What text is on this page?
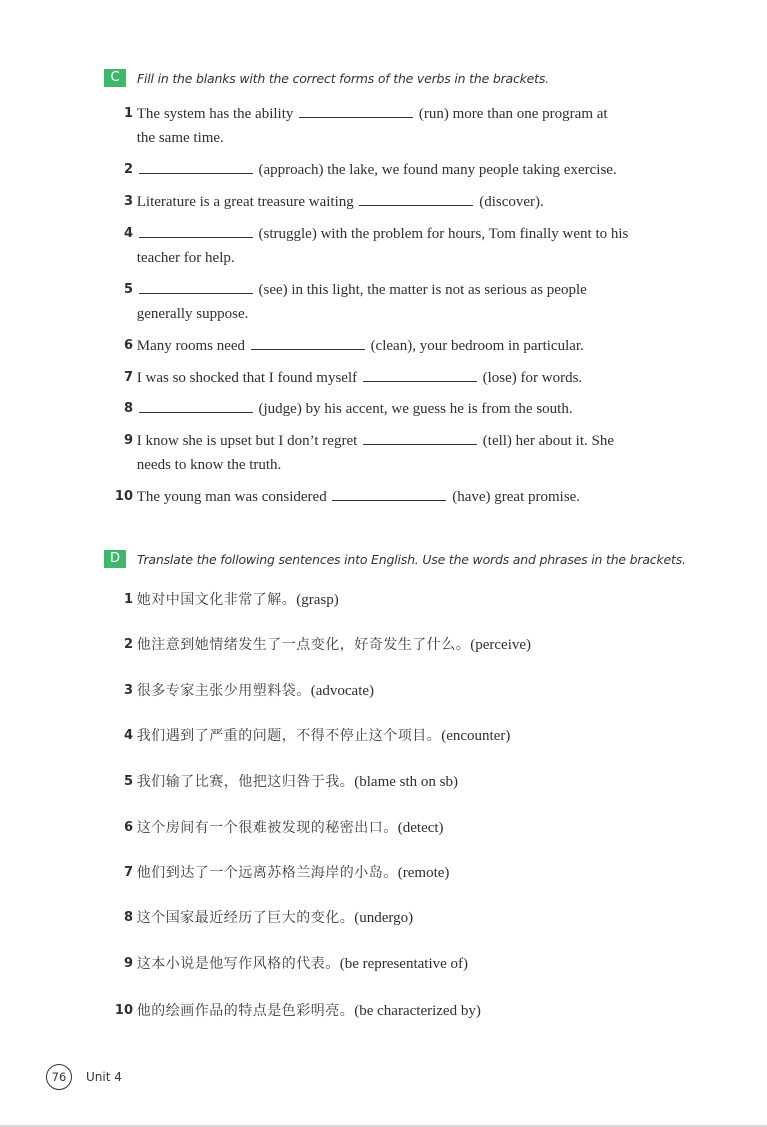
C	Fill in the blanks with the correct forms of the verbs in the brackets.
1 The system has the ability	(run) more than one program at
the same time.
2	(approach) the lake, we found many people taking exercise.
3 Literature is a great treasure waiting	(discover).
4	(struggle) with the problem for hours, Tom finally went to his
teacher for help.
5	(see) in this light, the matter is not as serious as people
generally suppose.
6 Many rooms need	(clean), your bedroom in particular.
7 I was so shocked that I found myself	(lose) for words.
8	(judge) by his accent, we guess he is from the south.
9 I know she is upset but I don’t regret	(tell) her about it. She
needs to know the truth.
10 The young man was considered	(have) great promise.
D	Translate the following sentences into English. Use the words and phrases in the brackets.
1 她对中国文化非常了解。(grasp)
2 他注意到她情绪发生了一点变化，好奇发生了什么。(perceive)
3 很多专家主张少用塑料袋。(advocate)
4 我们遇到了严重的问题，不得不停止这个项目。(encounter)
5 我们输了比赛，他把这归咎于我。(blame sth on sb)
6 这个房间有一个很难被发现的秘密出口。(detect)
7 他们到达了一个远离苏格兰海岸的小岛。(remote)
8 这个国家最近经历了巨大的变化。(undergo)
9 这本小说是他写作风格的代表。(be representative of)
10 他的绘画作品的特点是色彩明亮。(be characterized by)
76	Unit 4
